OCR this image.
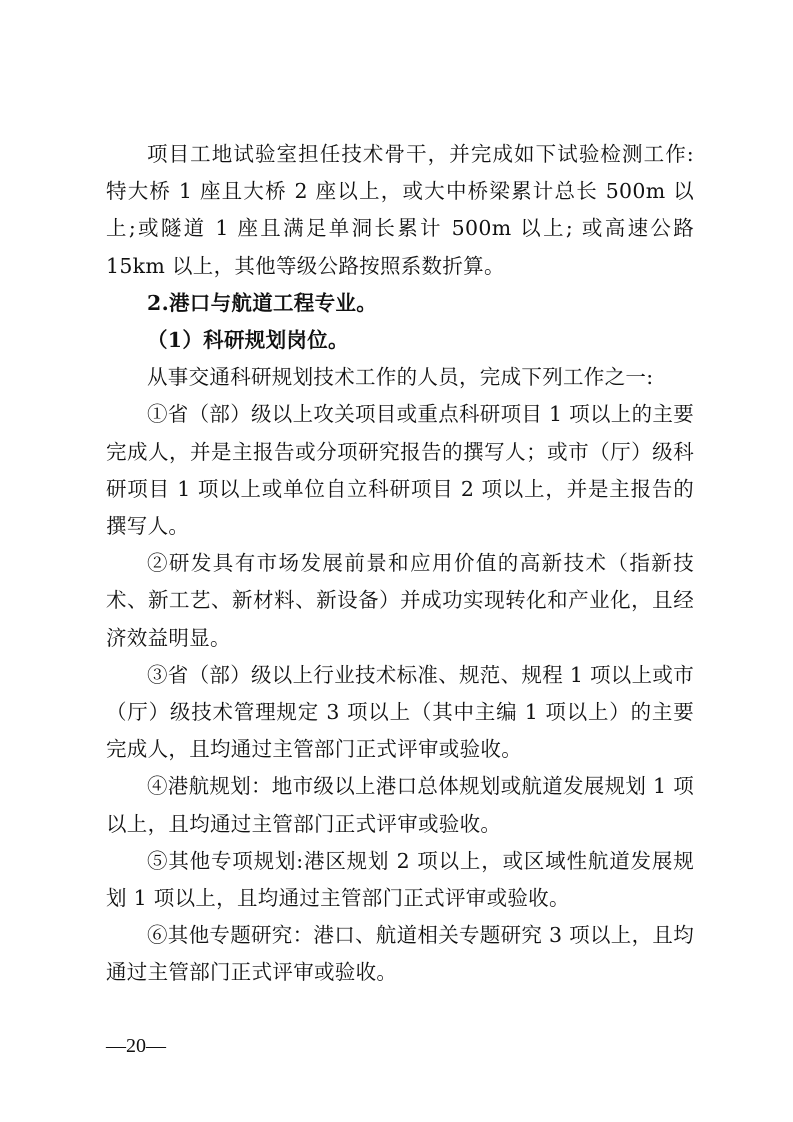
项目工地试验室担任技术骨干，并完成如下试验检测工作:特大桥 1 座且大桥 2 座以上，或大中桥梁累计总长 500m 以上;或隧道 1 座且满足单洞长累计 500m 以上; 或高速公路 15km 以上，其他等级公路按照系数折算。

2.港口与航道工程专业。

（1）科研规划岗位。

从事交通科研规划技术工作的人员，完成下列工作之一:

①省（部）级以上攻关项目或重点科研项目 1 项以上的主要完成人，并是主报告或分项研究报告的撰写人；或市（厅）级科研项目 1 项以上或单位自立科研项目 2 项以上，并是主报告的撰写人。

②研发具有市场发展前景和应用价值的高新技术（指新技术、新工艺、新材料、新设备）并成功实现转化和产业化，且经济效益明显。

③省（部）级以上行业技术标准、规范、规程 1 项以上或市（厅）级技术管理规定 3 项以上（其中主编 1 项以上）的主要完成人，且均通过主管部门正式评审或验收。

④港航规划：地市级以上港口总体规划或航道发展规划 1 项以上，且均通过主管部门正式评审或验收。

⑤其他专项规划:港区规划 2 项以上，或区域性航道发展规划 1 项以上，且均通过主管部门正式评审或验收。

⑥其他专题研究：港口、航道相关专题研究 3 项以上，且均通过主管部门正式评审或验收。

—20—
